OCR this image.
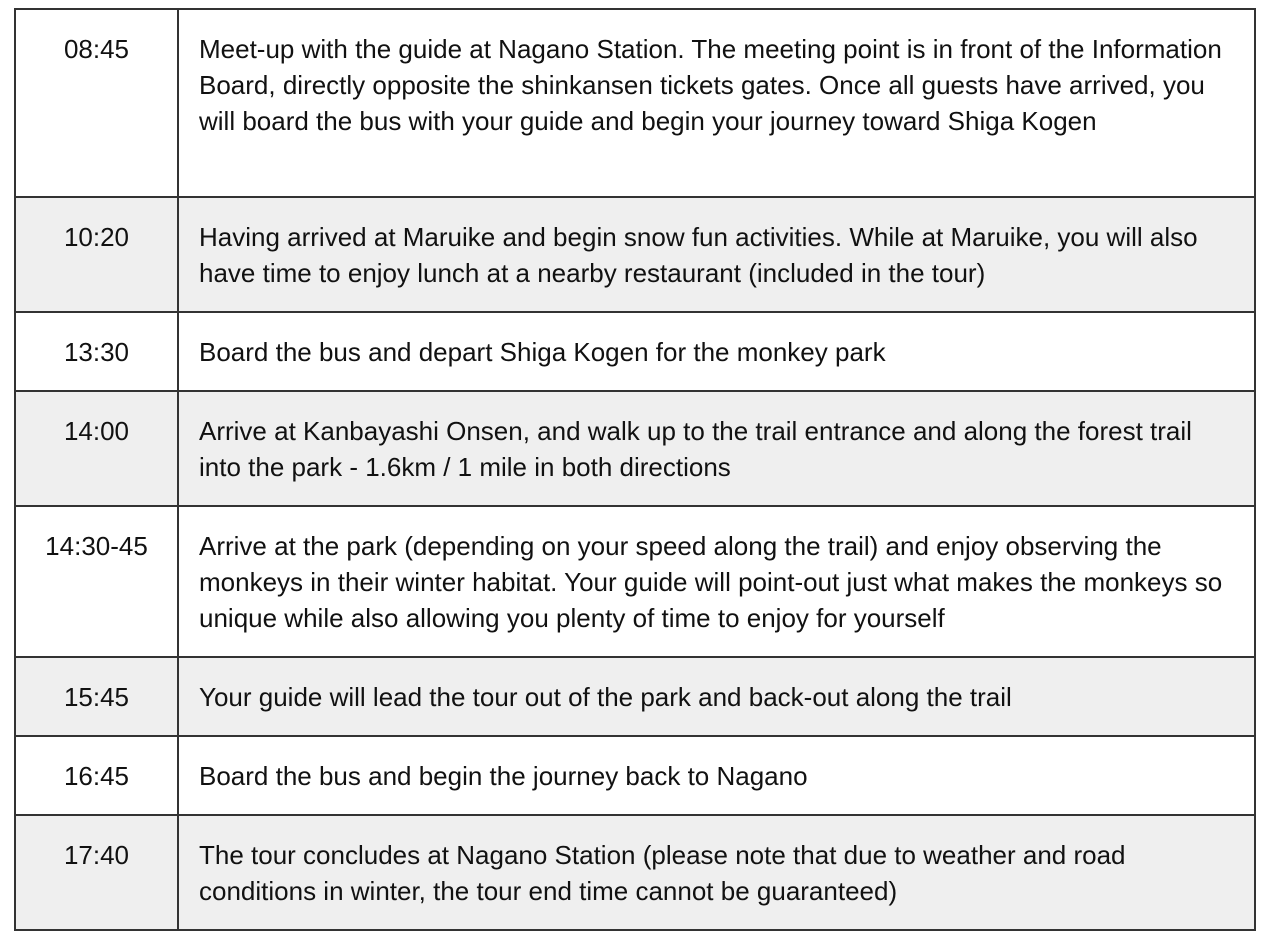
08:45	Meet-up with the guide at Nagano Station. The meeting point is in front of the Information Board, directly opposite the shinkansen tickets gates. Once all guests have arrived, you will board the bus with your guide and begin your journey toward Shiga Kogen
10:20	Having arrived at Maruike and begin snow fun activities. While at Maruike, you will also have time to enjoy lunch at a nearby restaurant (included in the tour)
13:30	Board the bus and depart Shiga Kogen for the monkey park
14:00	Arrive at Kanbayashi Onsen, and walk up to the trail entrance and along the forest trail into the park - 1.6km / 1 mile in both directions
14:30-45	Arrive at the park (depending on your speed along the trail) and enjoy observing the monkeys in their winter habitat. Your guide will point-out just what makes the monkeys so unique while also allowing you plenty of time to enjoy for yourself
15:45	Your guide will lead the tour out of the park and back-out along the trail
16:45	Board the bus and begin the journey back to Nagano
17:40	The tour concludes at Nagano Station (please note that due to weather and road conditions in winter, the tour end time cannot be guaranteed)
